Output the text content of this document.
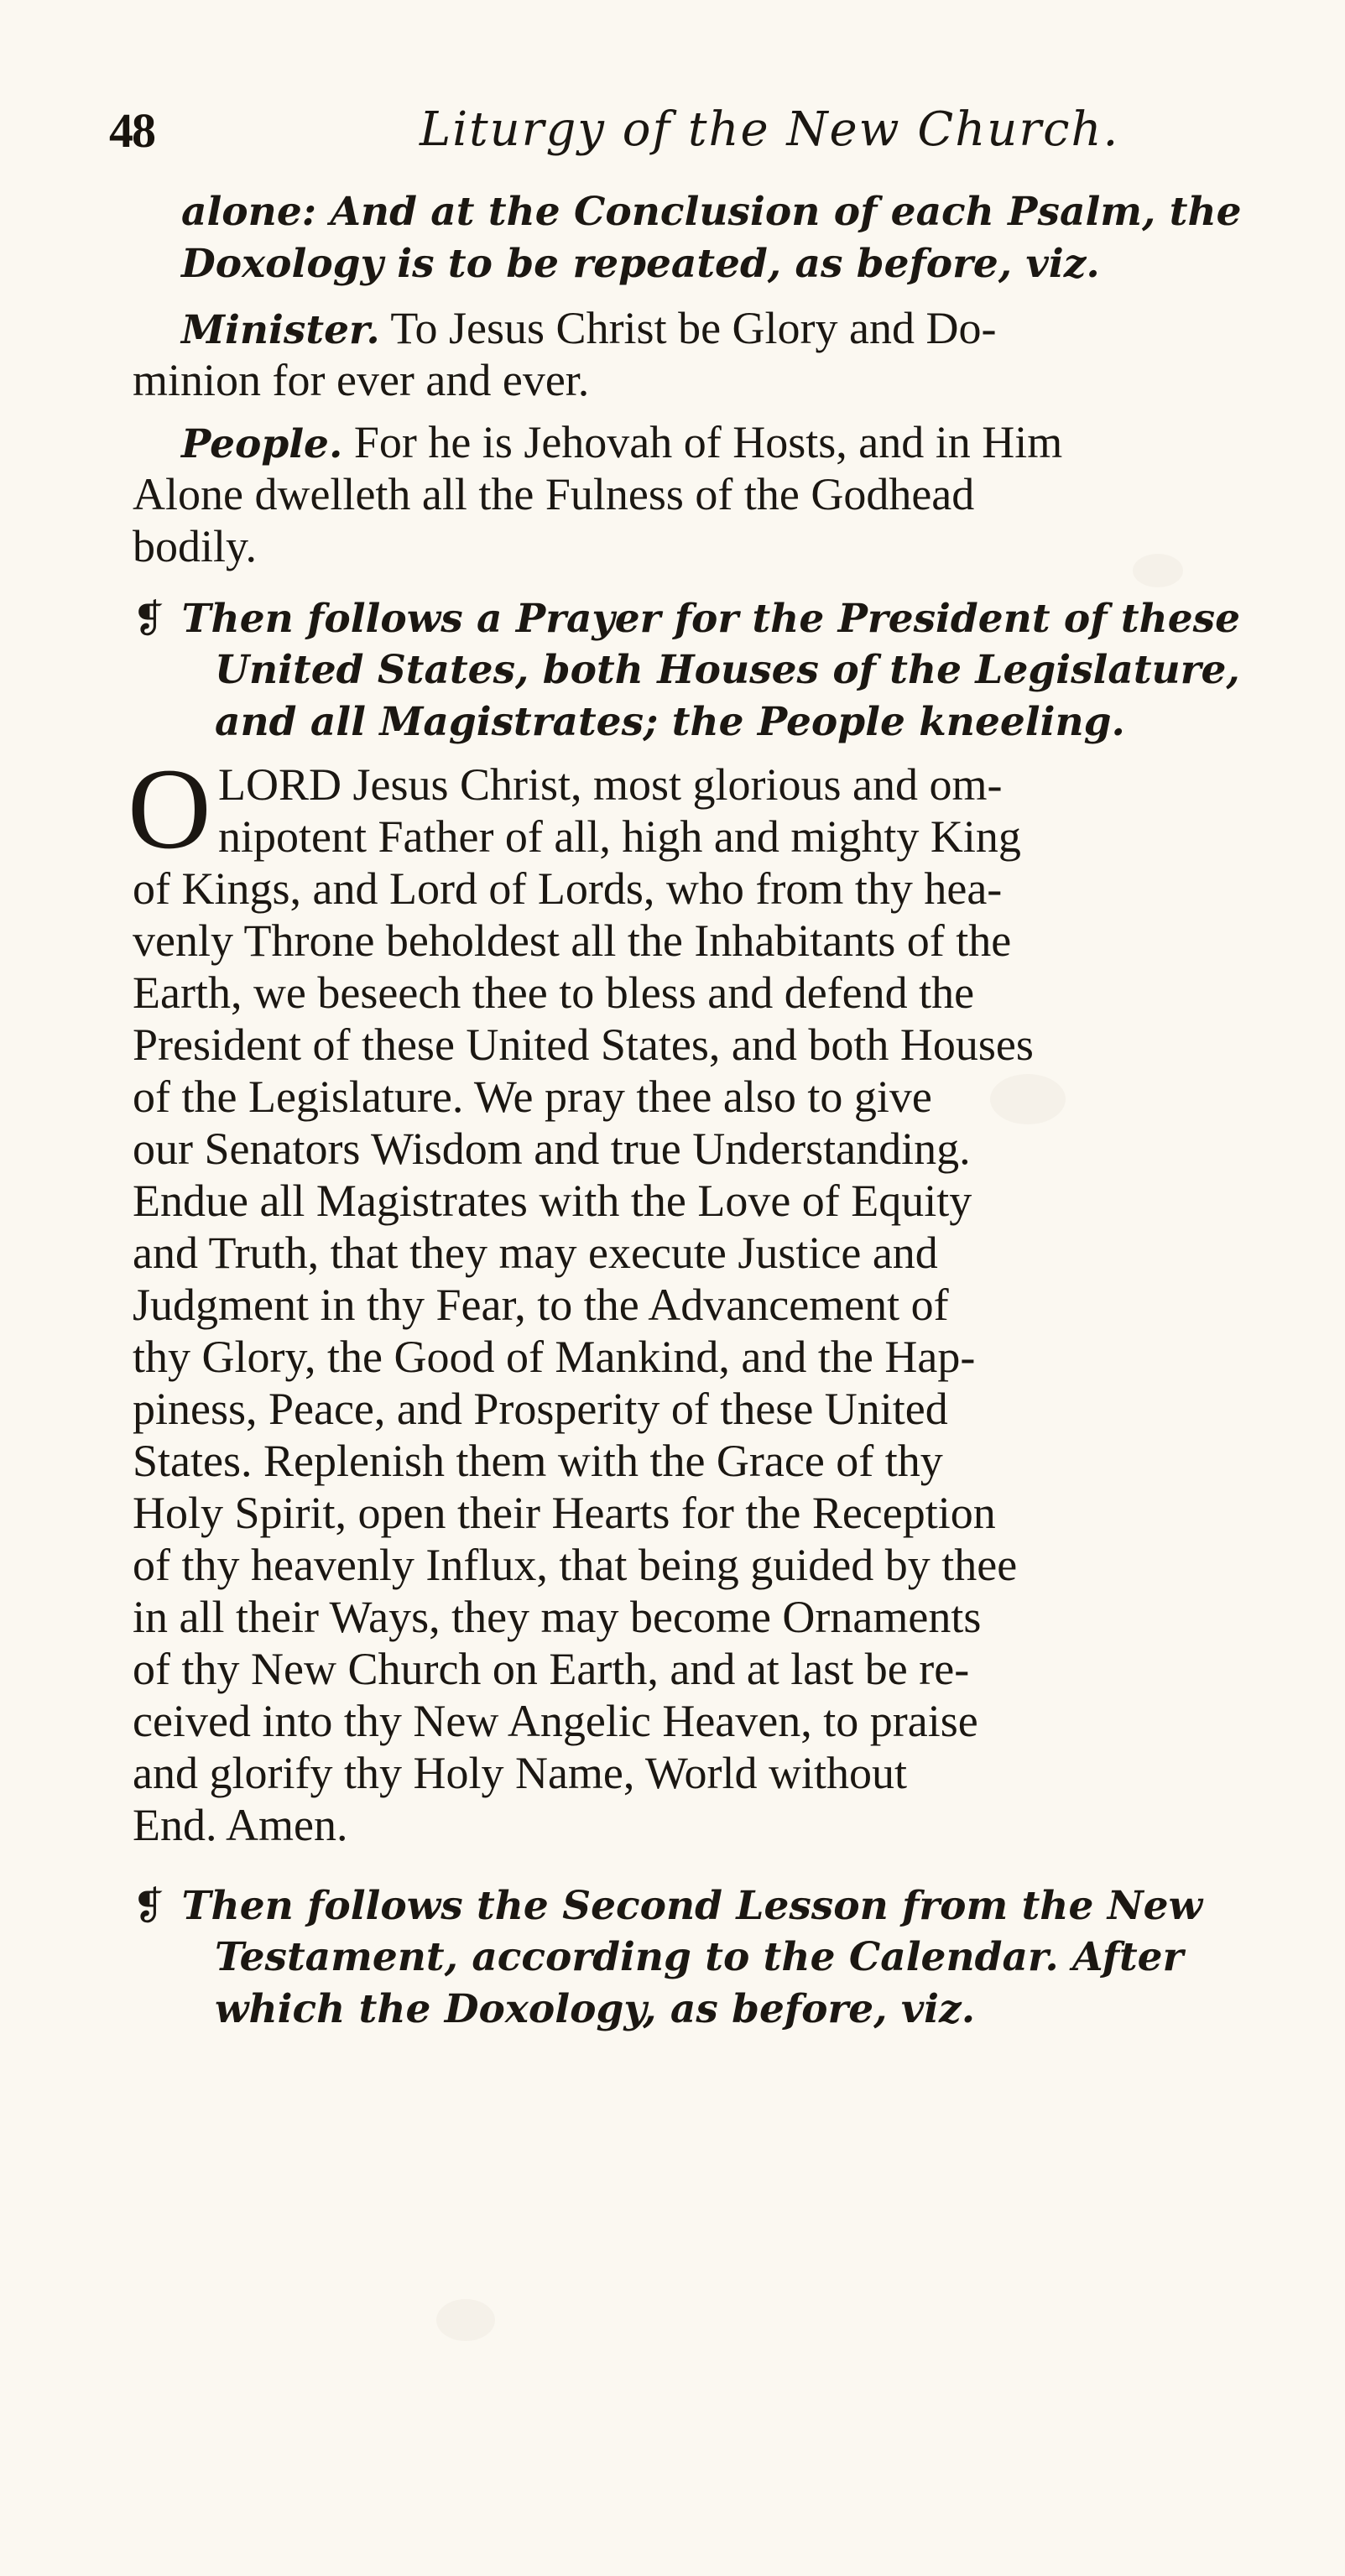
48	Liturgy of the New Church.
alone: And at the Conclusion of each Psalm, the
Doxology is to be repeated, as before, viz.
Minister. To Jesus Christ be Glory and Do-
minion for ever and ever.
People. For he is Jehovah of Hosts, and in Him
Alone dwelleth all the Fulness of the Godhead
bodily.
❡ Then follows a Prayer for the President of these
United States, both Houses of the Legislature,
and all Magistrates; the People kneeling.
O LORD Jesus Christ, most glorious and om-
nipotent Father of all, high and mighty King
of Kings, and Lord of Lords, who from thy hea-
venly Throne beholdest all the Inhabitants of the
Earth, we beseech thee to bless and defend the
President of these United States, and both Houses
of the Legislature. We pray thee also to give
our Senators Wisdom and true Understanding.
Endue all Magistrates with the Love of Equity
and Truth, that they may execute Justice and
Judgment in thy Fear, to the Advancement of
thy Glory, the Good of Mankind, and the Hap-
piness, Peace, and Prosperity of these United
States. Replenish them with the Grace of thy
Holy Spirit, open their Hearts for the Reception
of thy heavenly Influx, that being guided by thee
in all their Ways, they may become Ornaments
of thy New Church on Earth, and at last be re-
ceived into thy New Angelic Heaven, to praise
and glorify thy Holy Name, World without
End. Amen.
❡ Then follows the Second Lesson from the New
Testament, according to the Calendar. After
which the Doxology, as before, viz.
